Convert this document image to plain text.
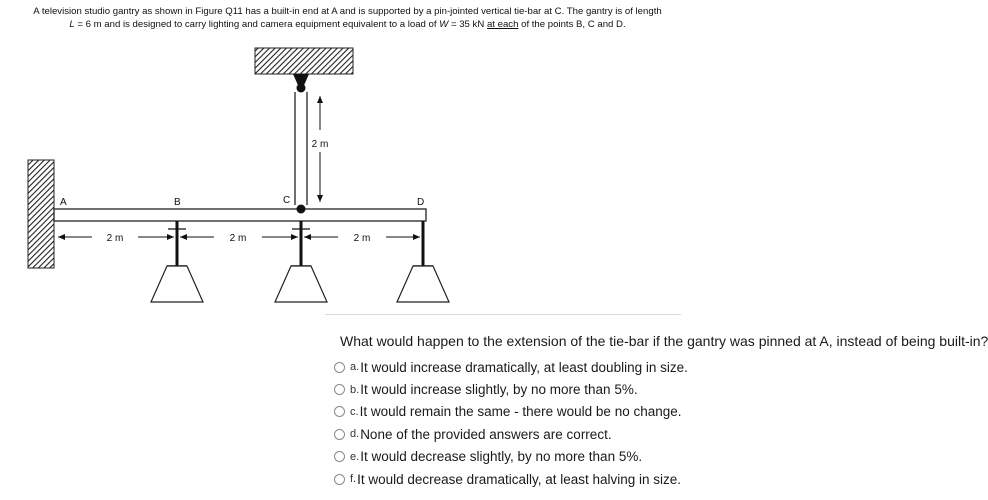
A television studio gantry as shown in Figure Q11 has a built-in end at A and is supported by a pin-jointed vertical tie-bar at C. The gantry is of length
L = 6 m and is designed to carry lighting and camera equipment equivalent to a load of W = 35 kN at each of the points B, C and D.
2 m
A	B	C	D
2 m	2 m	2 m
What would happen to the extension of the tie-bar if the gantry was pinned at A, instead of being built-in?
a. It would increase dramatically, at least doubling in size.
b. It would increase slightly, by no more than 5%.
c. It would remain the same - there would be no change.
d. None of the provided answers are correct.
e. It would decrease slightly, by no more than 5%.
f. It would decrease dramatically, at least halving in size.
